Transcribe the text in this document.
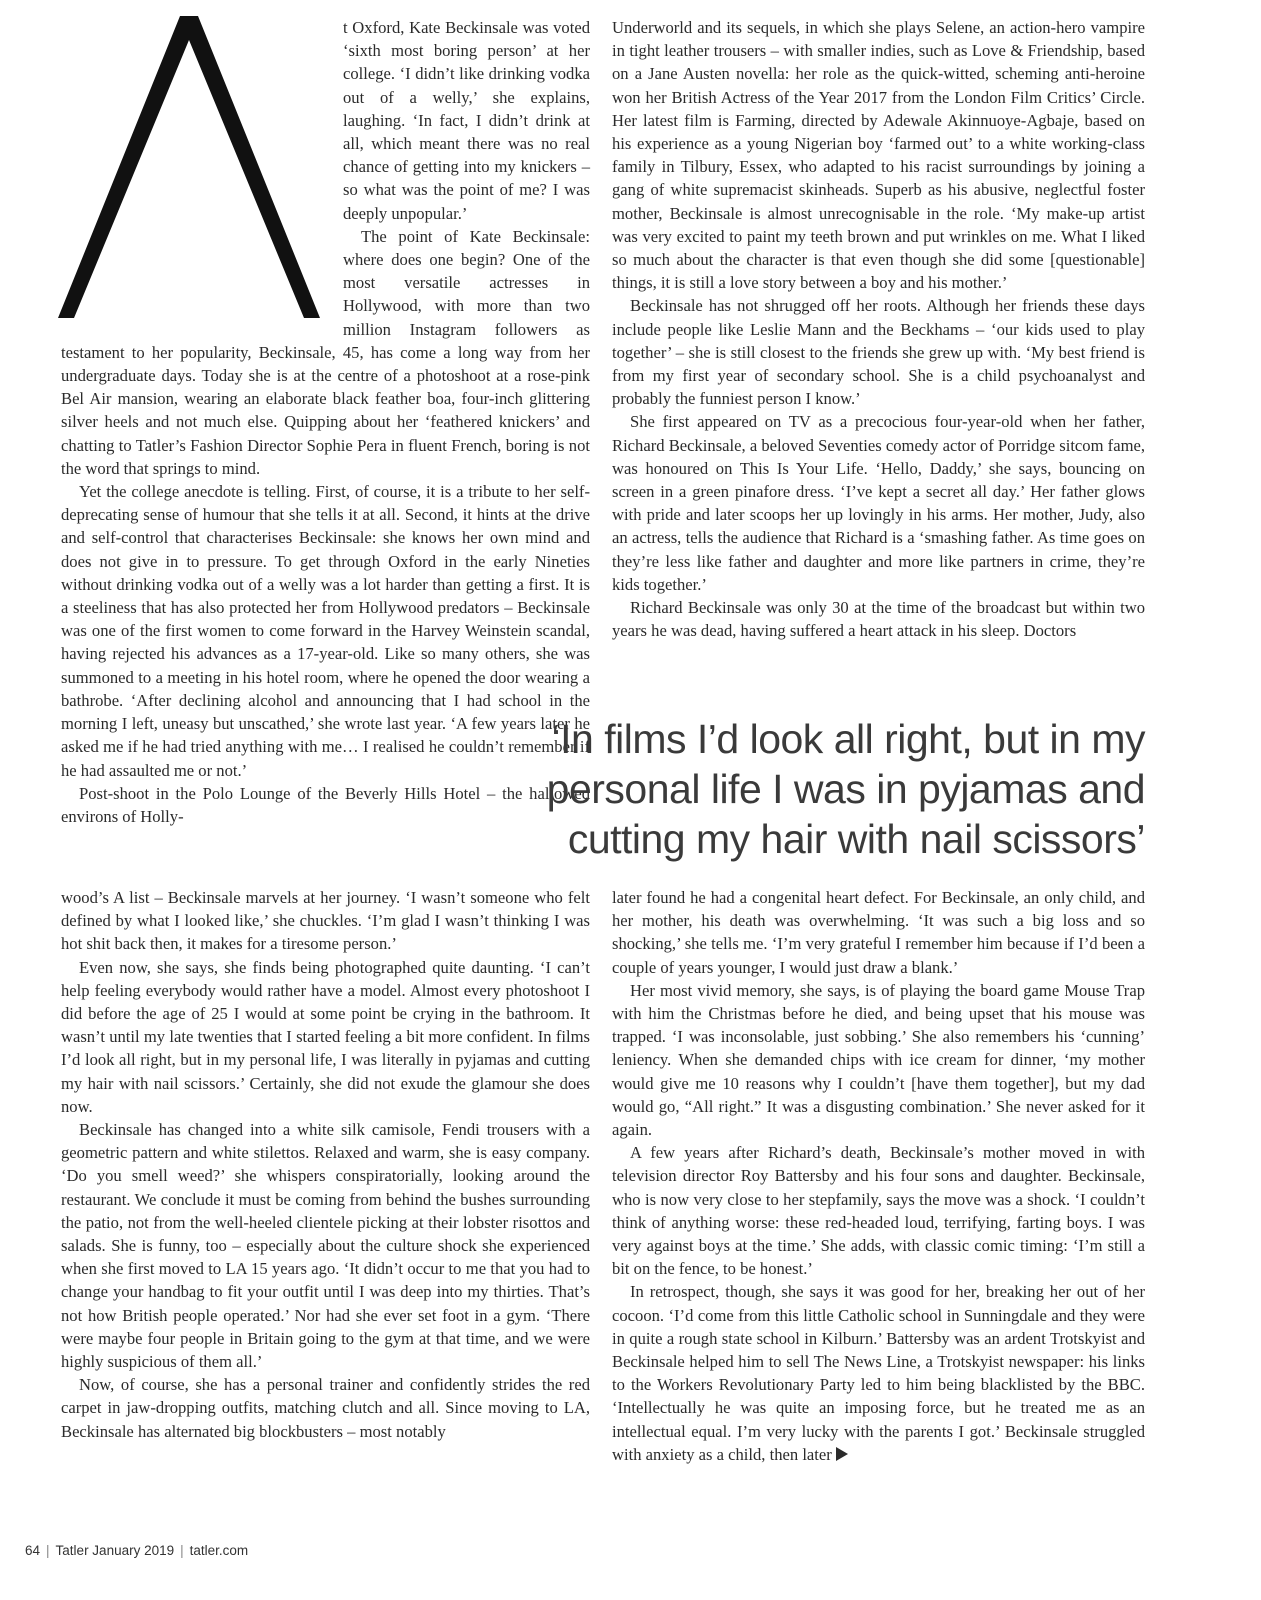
t Oxford, Kate Beckinsale was voted ‘sixth most boring person’ at her college. ‘I didn’t like drinking vodka out of a welly,’ she explains, laughing. ‘In fact, I didn’t drink at all, which meant there was no real chance of getting into my knickers – so what was the point of me? I was deeply unpopular.’

The point of Kate Beckinsale: where does one begin? One of the most versatile actresses in Hollywood, with more than two million Instagram followers as testament to her popularity, Beckinsale, 45, has come a long way from her undergraduate days. Today she is at the centre of a photoshoot at a rose-pink Bel Air mansion, wearing an elaborate black feather boa, four-inch glittering silver heels and not much else. Quipping about her ‘feathered knickers’ and chatting to Tatler’s Fashion Director Sophie Pera in fluent French, boring is not the word that springs to mind.

Yet the college anecdote is telling. First, of course, it is a tribute to her self-deprecating sense of humour that she tells it at all. Second, it hints at the drive and self-control that characterises Beckinsale: she knows her own mind and does not give in to pressure. To get through Oxford in the early Nineties without drinking vodka out of a welly was a lot harder than getting a first. It is a steeliness that has also protected her from Hollywood predators – Beckinsale was one of the first women to come forward in the Harvey Weinstein scandal, having rejected his advances as a 17-year-old. Like so many others, she was summoned to a meeting in his hotel room, where he opened the door wearing a bathrobe. ‘After declining alcohol and announcing that I had school in the morning I left, uneasy but unscathed,’ she wrote last year. ‘A few years later he asked me if he had tried anything with me… I realised he couldn’t remember if he had assaulted me or not.’

Post-shoot in the Polo Lounge of the Beverly Hills Hotel – the hallowed environs of Holly-

Underworld and its sequels, in which she plays Selene, an action-hero vampire in tight leather trousers – with smaller indies, such as Love & Friendship, based on a Jane Austen novella: her role as the quick-witted, scheming anti-heroine won her British Actress of the Year 2017 from the London Film Critics’ Circle. Her latest film is Farming, directed by Adewale Akinnuoye-Agbaje, based on his experience as a young Nigerian boy ‘farmed out’ to a white working-class family in Tilbury, Essex, who adapted to his racist surroundings by joining a gang of white supremacist skinheads. Superb as his abusive, neglectful foster mother, Beckinsale is almost unrecognisable in the role. ‘My make-up artist was very excited to paint my teeth brown and put wrinkles on me. What I liked so much about the character is that even though she did some [questionable] things, it is still a love story between a boy and his mother.’

Beckinsale has not shrugged off her roots. Although her friends these days include people like Leslie Mann and the Beckhams – ‘our kids used to play together’ – she is still closest to the friends she grew up with. ‘My best friend is from my first year of secondary school. She is a child psychoanalyst and probably the funniest person I know.’

She first appeared on TV as a precocious four-year-old when her father, Richard Beckinsale, a beloved Seventies comedy actor of Porridge sitcom fame, was honoured on This Is Your Life. ‘Hello, Daddy,’ she says, bouncing on screen in a green pinafore dress. ‘I’ve kept a secret all day.’ Her father glows with pride and later scoops her up lovingly in his arms. Her mother, Judy, also an actress, tells the audience that Richard is a ‘smashing father. As time goes on they’re less like father and daughter and more like partners in crime, they’re kids together.’

Richard Beckinsale was only 30 at the time of the broadcast but within two years he was dead, having suffered a heart attack in his sleep. Doctors

‘In films I’d look all right, but in my personal life I was in pyjamas and cutting my hair with nail scissors’

wood’s A list – Beckinsale marvels at her journey. ‘I wasn’t someone who felt defined by what I looked like,’ she chuckles. ‘I’m glad I wasn’t thinking I was hot shit back then, it makes for a tiresome person.’

Even now, she says, she finds being photographed quite daunting. ‘I can’t help feeling everybody would rather have a model. Almost every photoshoot I did before the age of 25 I would at some point be crying in the bathroom. It wasn’t until my late twenties that I started feeling a bit more confident. In films I’d look all right, but in my personal life, I was literally in pyjamas and cutting my hair with nail scissors.’ Certainly, she did not exude the glamour she does now.

Beckinsale has changed into a white silk camisole, Fendi trousers with a geometric pattern and white stilettos. Relaxed and warm, she is easy company. ‘Do you smell weed?’ she whispers conspiratorially, looking around the restaurant. We conclude it must be coming from behind the bushes surrounding the patio, not from the well-heeled clientele picking at their lobster risottos and salads. She is funny, too – especially about the culture shock she experienced when she first moved to LA 15 years ago. ‘It didn’t occur to me that you had to change your handbag to fit your outfit until I was deep into my thirties. That’s not how British people operated.’ Nor had she ever set foot in a gym. ‘There were maybe four people in Britain going to the gym at that time, and we were highly suspicious of them all.’

Now, of course, she has a personal trainer and confidently strides the red carpet in jaw-dropping outfits, matching clutch and all. Since moving to LA, Beckinsale has alternated big blockbusters – most notably

later found he had a congenital heart defect. For Beckinsale, an only child, and her mother, his death was overwhelming. ‘It was such a big loss and so shocking,’ she tells me. ‘I’m very grateful I remember him because if I’d been a couple of years younger, I would just draw a blank.’

Her most vivid memory, she says, is of playing the board game Mouse Trap with him the Christmas before he died, and being upset that his mouse was trapped. ‘I was inconsolable, just sobbing.’ She also remembers his ‘cunning’ leniency. When she demanded chips with ice cream for dinner, ‘my mother would give me 10 reasons why I couldn’t [have them together], but my dad would go, “All right.” It was a disgusting combination.’ She never asked for it again.

A few years after Richard’s death, Beckinsale’s mother moved in with television director Roy Battersby and his four sons and daughter. Beckinsale, who is now very close to her stepfamily, says the move was a shock. ‘I couldn’t think of anything worse: these red-headed loud, terrifying, farting boys. I was very against boys at the time.’ She adds, with classic comic timing: ‘I’m still a bit on the fence, to be honest.’

In retrospect, though, she says it was good for her, breaking her out of her cocoon. ‘I’d come from this little Catholic school in Sunningdale and they were in quite a rough state school in Kilburn.’ Battersby was an ardent Trotskyist and Beckinsale helped him to sell The News Line, a Trotskyist newspaper: his links to the Workers Revolutionary Party led to him being blacklisted by the BBC. ‘Intellectually he was quite an imposing force, but he treated me as an intellectual equal. I’m very lucky with the parents I got.’ Beckinsale struggled with anxiety as a child, then later

64 | Tatler January 2019 | tatler.com
